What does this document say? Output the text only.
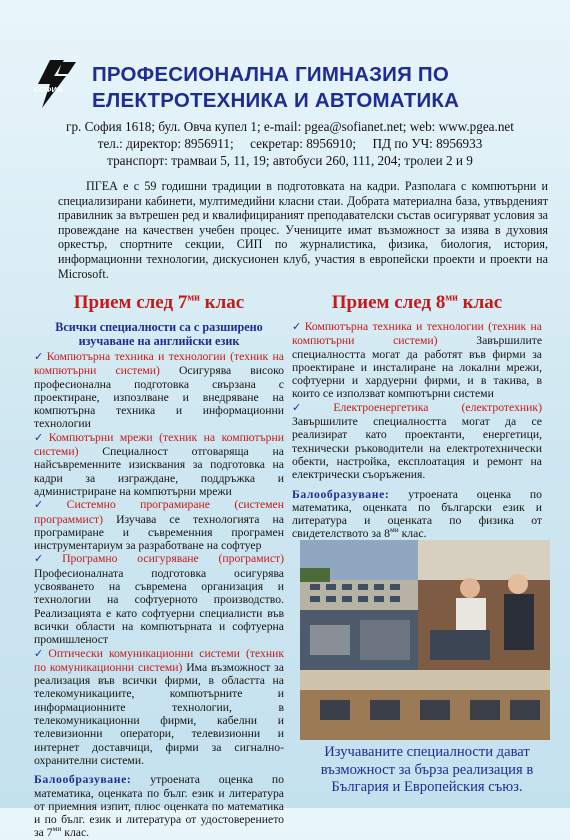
СОФИЯ
ПРОФЕСИОНАЛНА ГИМНАЗИЯ ПО
ЕЛЕКТРОТЕХНИКА И АВТОМАТИКА
гр. София 1618; бул. Овча купел 1; e-mail: pgea@sofianet.net; web: www.pgea.net
тел.: директор: 8956911;     секретар: 8956910;     ПД по УЧ: 8956933
транспорт: трамваи 5, 11, 19; автобуси 260, 111, 204; тролеи 2 и 9
ПГЕА е с 59 годишни традиции в подготовката на кадри. Разполага с компютърни и специализирани кабинети, мултимедийни класни стаи. Добрата материална база, утвърденият правилник за вътрешен ред и квалифицираният преподавателски състав осигуряват условия за провеждане на качествен учебен процес. Учениците имат възможност за изява в духовия оркестър, спортните секции, СИП по журналистика, физика, биология, история, информационни технологии, дискусионен клуб, участия в европейски проекти и проекти на Microsoft.
Прием след $7^{ми}$ клас
Всички специалности са с разширено
изучаване на английски език
✓ Компютърна техника и технологии (техник на компютърни системи) Осигурява високо професионална подготовка свързана с проектиране, изпозлване и внедряване на компютърна техника и информационни технологии
✓ Компютърни мрежи (техник на компютърни системи) Специалност отговаряща на найсъвременните изисквания за подготовка на кадри за изграждане, поддръжка и администриране на компютърни мрежи
✓ Системно програмиране (системен программист) Изучава се технологията на програмиране и съвременния програмен инструментариум за разработване на софтуер
✓ Програмно осигуряване (програмист) Професионалната подготовка осигурява усвояването на съвремена организация и технологии на софтуерното производство. Реализацията е като софтуерни специалисти във всички области на компютърната и софтуерна промишленост
✓ Оптически комуникационни системи (техник по комуникационни системи) Има възможност за реализация във всички фирми, в областта на телекомуникациите, компютърните и информационните технологии, в телекомуникационни фирми, кабелни и телевизионни оператори, телевизионни и интернет доставчици, фирми за сигнално-охранителни системи.
Балообразуване: утроената оценка по математика, оценката по бълг. език и литература от приемния изпит, плюс оценката по математика и по бълг. език и литература от удостоверението за $7^{ми}$ клас.
Прием след $8^{ми}$ клас
✓ Компютърна техника и технологии (техник на компютърни системи) Завършилите специалността могат да работят във фирми за проектиране и инсталиране на локални мрежи, софтуерни и хардуерни фирми, и в такива, в които се използват компютърни системи
✓ Електроенергетика (електротехник) Завършилите специалността могат да се реализират като проектанти, енергетици, технически ръководители на електротехнически обекти, настройка, експлоатация и ремонт на електрически съоръжения.
Балообразуване: утроената оценка по математика, оценката по български език и литература и оценката по физика от свидетелството за $8^{ми}$ клас.
Изучаваните специалности дават възможност за бърза реализация в България и Европейския съюз.
